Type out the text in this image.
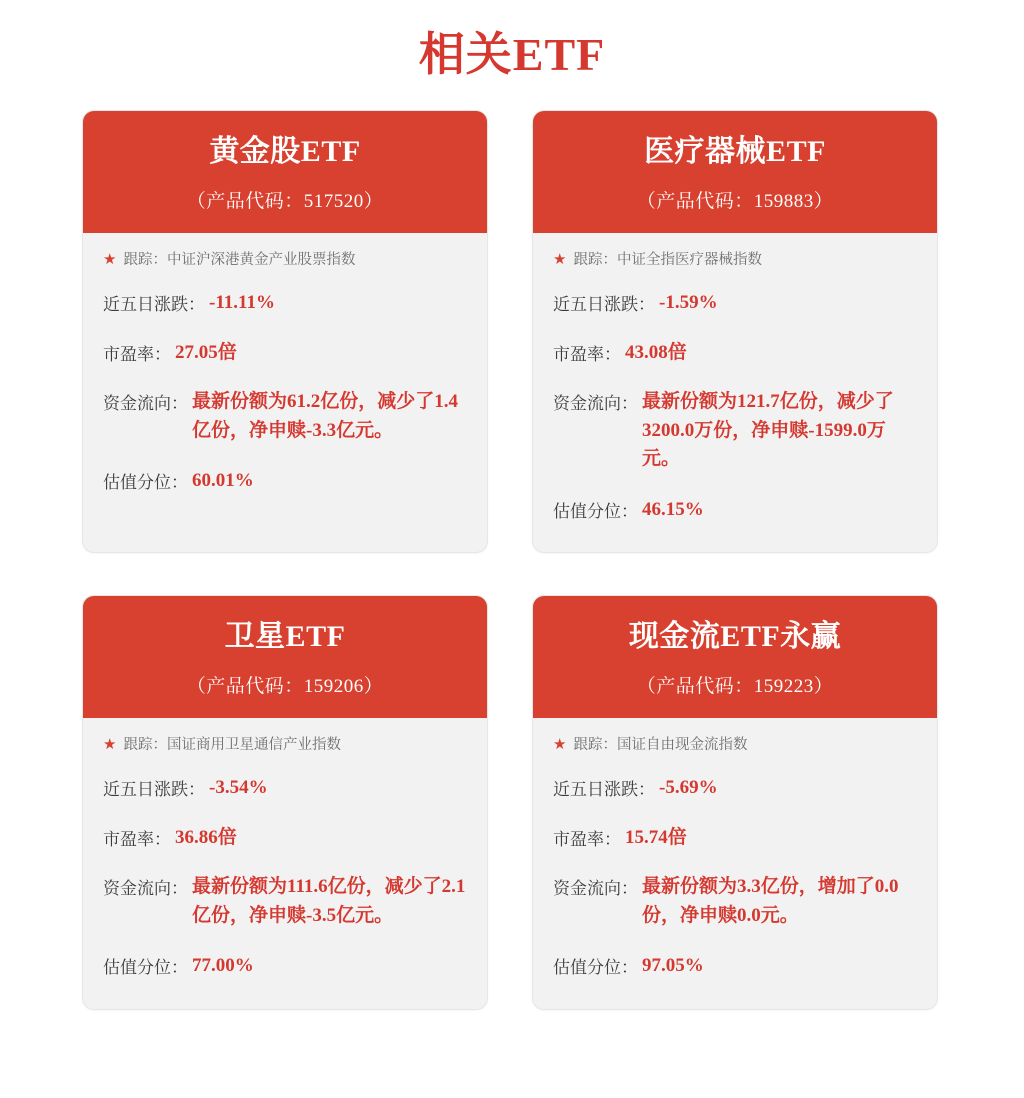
相关ETF
黄金股ETF
（产品代码：517520）
★ 跟踪：中证沪深港黄金产业股票指数
近五日涨跌： -11.11%
市盈率： 27.05倍
资金流向： 最新份额为61.2亿份，减少了1.4亿份，净申赎-3.3亿元。
估值分位： 60.01%
医疗器械ETF
（产品代码：159883）
★ 跟踪：中证全指医疗器械指数
近五日涨跌： -1.59%
市盈率： 43.08倍
资金流向： 最新份额为121.7亿份，减少了3200.0万份，净申赎-1599.0万元。
估值分位： 46.15%
卫星ETF
（产品代码：159206）
★ 跟踪：国证商用卫星通信产业指数
近五日涨跌： -3.54%
市盈率： 36.86倍
资金流向： 最新份额为111.6亿份，减少了2.1亿份，净申赎-3.5亿元。
估值分位： 77.00%
现金流ETF永赢
（产品代码：159223）
★ 跟踪：国证自由现金流指数
近五日涨跌： -5.69%
市盈率： 15.74倍
资金流向： 最新份额为3.3亿份，增加了0.0份，净申赎0.0元。
估值分位： 97.05%
